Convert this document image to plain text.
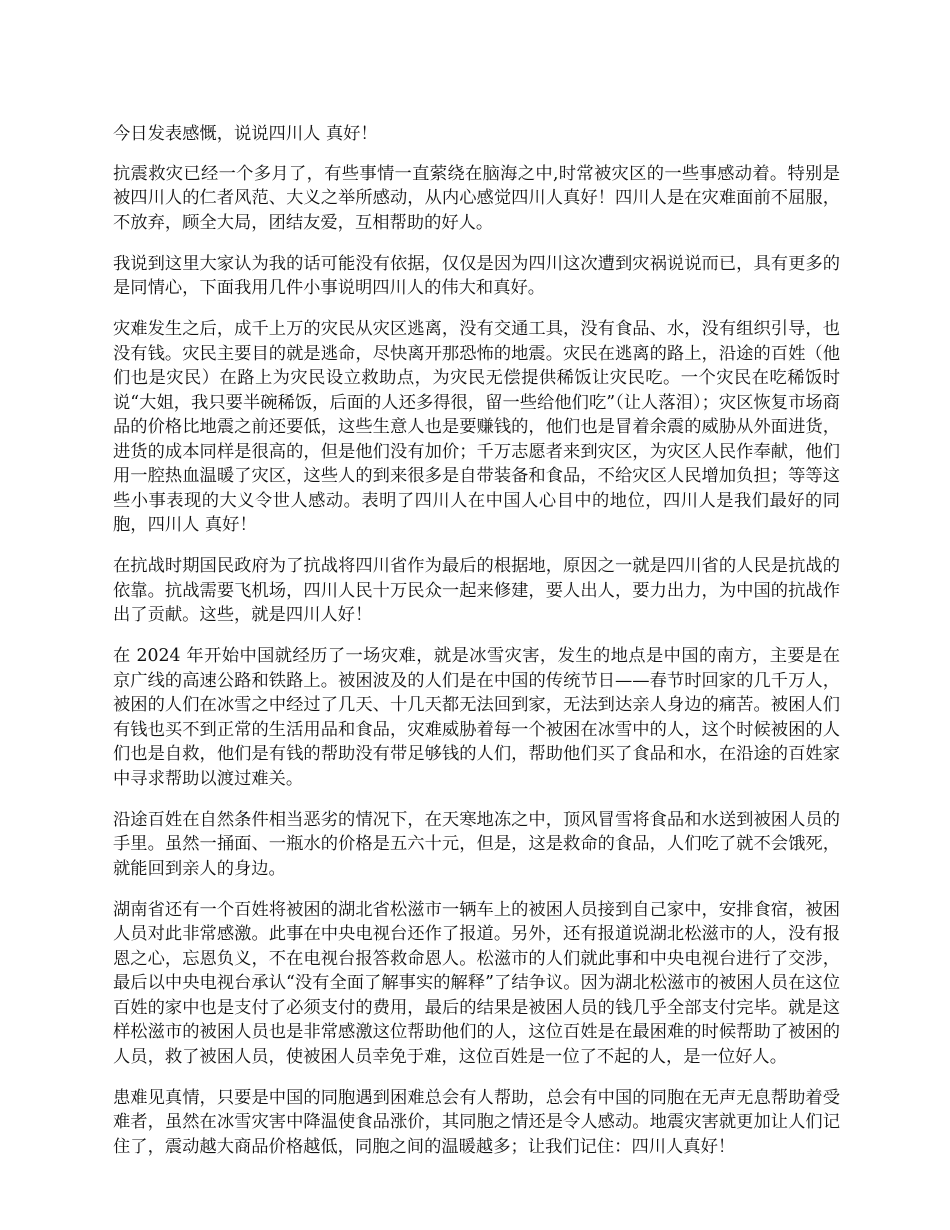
今日发表感慨，说说四川人 真好！

抗震救灾已经一个多月了，有些事情一直萦绕在脑海之中,时常被灾区的一些事感动着。特别是被四川人的仁者风范、大义之举所感动，从内心感觉四川人真好！四川人是在灾难面前不屈服，不放弃，顾全大局，团结友爱，互相帮助的好人。

我说到这里大家认为我的话可能没有依据，仅仅是因为四川这次遭到灾祸说说而已，具有更多的是同情心，下面我用几件小事说明四川人的伟大和真好。

灾难发生之后，成千上万的灾民从灾区逃离，没有交通工具，没有食品、水，没有组织引导，也没有钱。灾民主要目的就是逃命，尽快离开那恐怖的地震。灾民在逃离的路上，沿途的百姓（他们也是灾民）在路上为灾民设立救助点，为灾民无偿提供稀饭让灾民吃。一个灾民在吃稀饭时说“大姐，我只要半碗稀饭，后面的人还多得很，留一些给他们吃”（让人落泪）；灾区恢复市场商品的价格比地震之前还要低，这些生意人也是要赚钱的，他们也是冒着余震的威胁从外面进货，进货的成本同样是很高的，但是他们没有加价；千万志愿者来到灾区，为灾区人民作奉献，他们用一腔热血温暖了灾区，这些人的到来很多是自带装备和食品，不给灾区人民增加负担；等等这些小事表现的大义令世人感动。表明了四川人在中国人心目中的地位，四川人是我们最好的同胞，四川人 真好！

在抗战时期国民政府为了抗战将四川省作为最后的根据地，原因之一就是四川省的人民是抗战的依靠。抗战需要飞机场，四川人民十万民众一起来修建，要人出人，要力出力，为中国的抗战作出了贡献。这些，就是四川人好！

在 2024 年开始中国就经历了一场灾难，就是冰雪灾害，发生的地点是中国的南方，主要是在京广线的高速公路和铁路上。被困波及的人们是在中国的传统节日——春节时回家的几千万人，被困的人们在冰雪之中经过了几天、十几天都无法回到家，无法到达亲人身边的痛苦。被困人们有钱也买不到正常的生活用品和食品，灾难威胁着每一个被困在冰雪中的人，这个时候被困的人们也是自救，他们是有钱的帮助没有带足够钱的人们，帮助他们买了食品和水，在沿途的百姓家中寻求帮助以渡过难关。

沿途百姓在自然条件相当恶劣的情况下，在天寒地冻之中，顶风冒雪将食品和水送到被困人员的手里。虽然一捅面、一瓶水的价格是五六十元，但是，这是救命的食品，人们吃了就不会饿死，就能回到亲人的身边。

湖南省还有一个百姓将被困的湖北省松滋市一辆车上的被困人员接到自己家中，安排食宿，被困人员对此非常感激。此事在中央电视台还作了报道。另外，还有报道说湖北松滋市的人，没有报恩之心，忘恩负义，不在电视台报答救命恩人。松滋市的人们就此事和中央电视台进行了交涉，最后以中央电视台承认“没有全面了解事实的解释”了结争议。因为湖北松滋市的被困人员在这位百姓的家中也是支付了必须支付的费用，最后的结果是被困人员的钱几乎全部支付完毕。就是这样松滋市的被困人员也是非常感激这位帮助他们的人，这位百姓是在最困难的时候帮助了被困的人员，救了被困人员，使被困人员幸免于难，这位百姓是一位了不起的人，是一位好人。

患难见真情，只要是中国的同胞遇到困难总会有人帮助，总会有中国的同胞在无声无息帮助着受难者，虽然在冰雪灾害中降温使食品涨价，其同胞之情还是令人感动。地震灾害就更加让人们记住了，震动越大商品价格越低，同胞之间的温暖越多；让我们记住：四川人真好！
